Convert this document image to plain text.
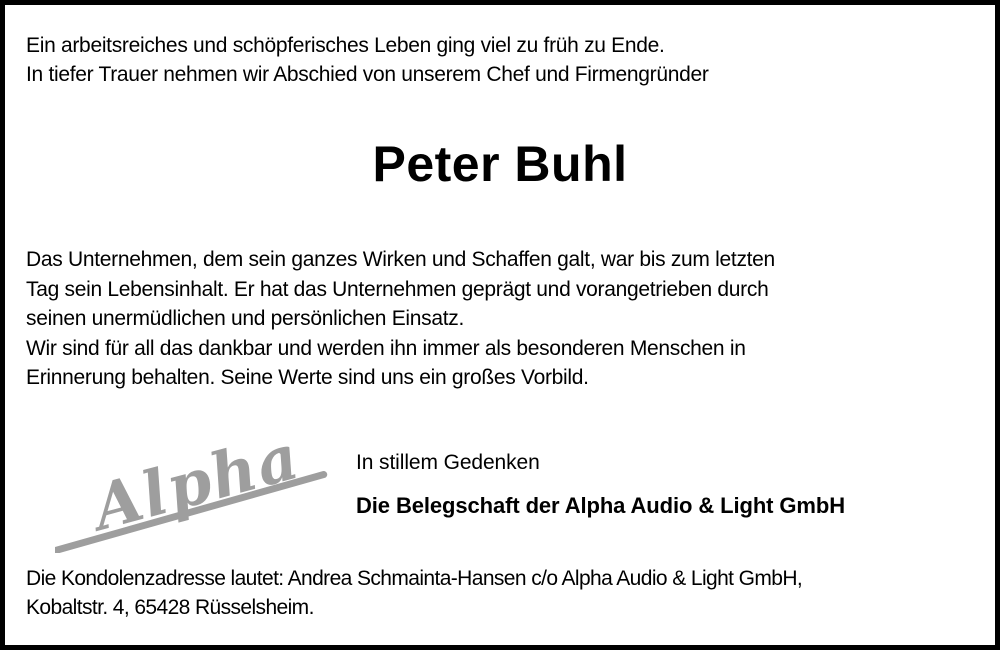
Ein arbeitsreiches und schöpferisches Leben ging viel zu früh zu Ende.
In tiefer Trauer nehmen wir Abschied von unserem Chef und Firmengründer
Peter Buhl
Das Unternehmen, dem sein ganzes Wirken und Schaffen galt, war bis zum letzten
Tag sein Lebensinhalt. Er hat das Unternehmen geprägt und vorangetrieben durch
seinen unermüdlichen und persönlichen Einsatz.
Wir sind für all das dankbar und werden ihn immer als besonderen Menschen in
Erinnerung behalten. Seine Werte sind uns ein großes Vorbild.
Alpha In stillem Gedenken
Die Belegschaft der Alpha Audio & Light GmbH
Die Kondolenzadresse lautet: Andrea Schmainta-Hansen c/o Alpha Audio & Light GmbH,
Kobaltstr. 4, 65428 Rüsselsheim.
